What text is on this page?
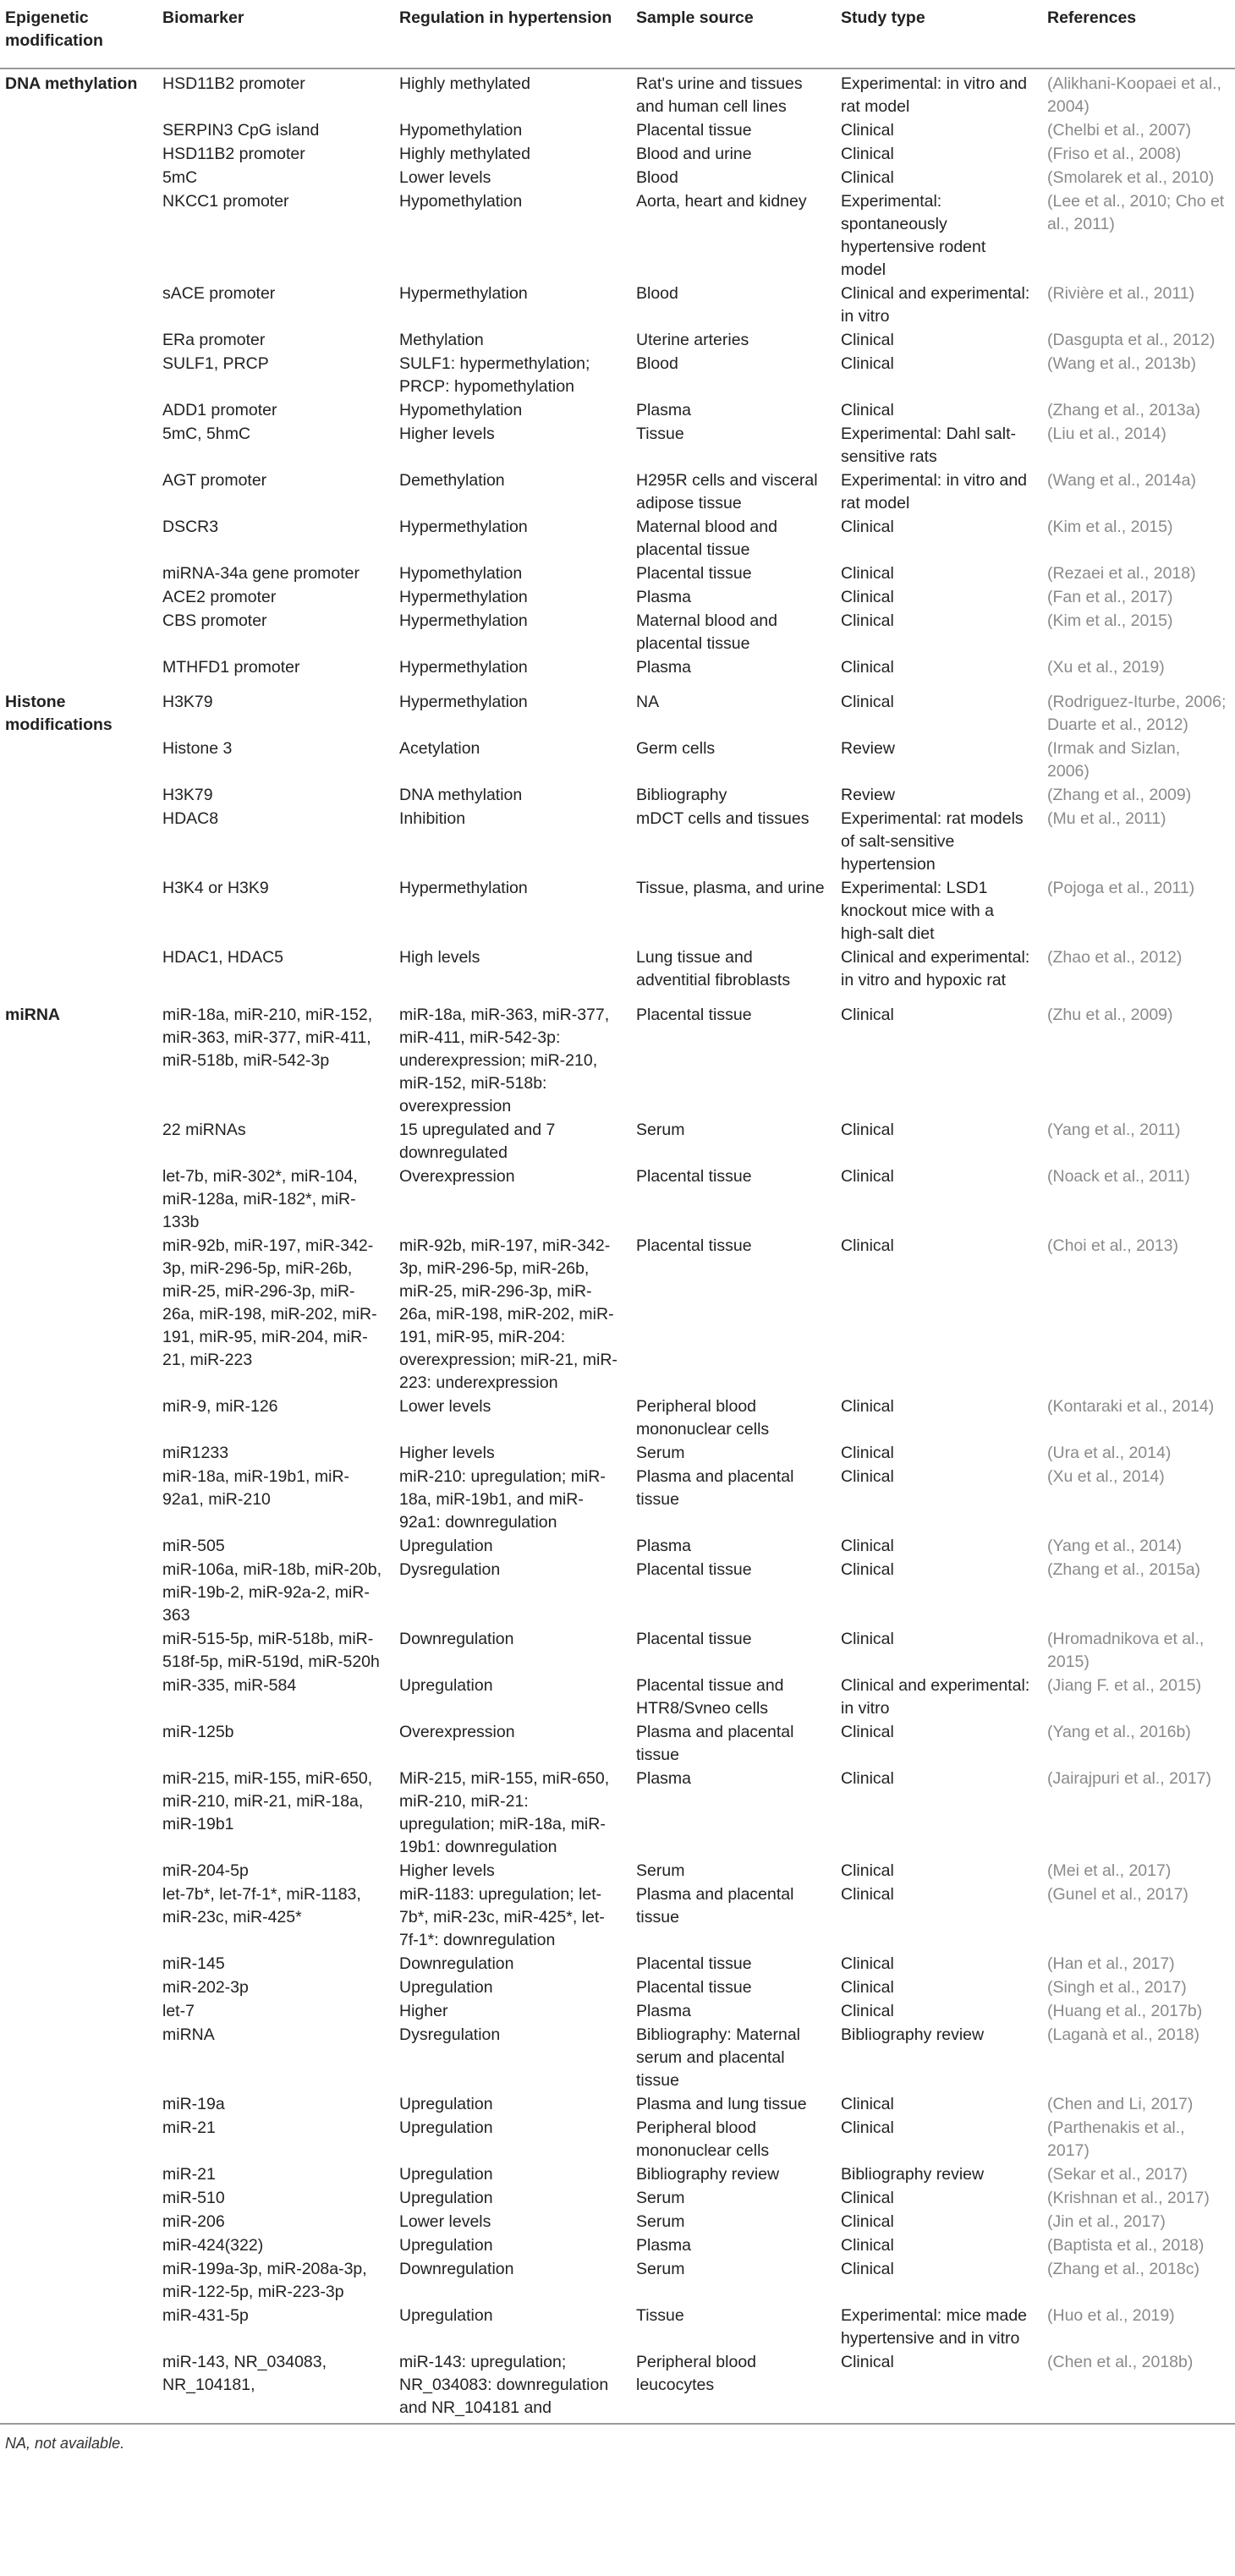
Epigenetic modification	Biomarker	Regulation in hypertension	Sample source	Study type	References
DNA methylation	HSD11B2 promoter	Highly methylated	Rat's urine and tissues and human cell lines	Experimental: in vitro and rat model	(Alikhani-Koopaei et al., 2004)
	SERPIN3 CpG island	Hypomethylation	Placental tissue	Clinical	(Chelbi et al., 2007)
	HSD11B2 promoter	Highly methylated	Blood and urine	Clinical	(Friso et al., 2008)
	5mC	Lower levels	Blood	Clinical	(Smolarek et al., 2010)
	NKCC1 promoter	Hypomethylation	Aorta, heart and kidney	Experimental: spontaneously hypertensive rodent model	(Lee et al., 2010; Cho et al., 2011)
	sACE promoter	Hypermethylation	Blood	Clinical and experimental: in vitro	(Rivière et al., 2011)
	ERa promoter	Methylation	Uterine arteries	Clinical	(Dasgupta et al., 2012)
	SULF1, PRCP	SULF1: hypermethylation; PRCP: hypomethylation	Blood	Clinical	(Wang et al., 2013b)
	ADD1 promoter	Hypomethylation	Plasma	Clinical	(Zhang et al., 2013a)
	5mC, 5hmC	Higher levels	Tissue	Experimental: Dahl salt-sensitive rats	(Liu et al., 2014)
	AGT promoter	Demethylation	H295R cells and visceral adipose tissue	Experimental: in vitro and rat model	(Wang et al., 2014a)
	DSCR3	Hypermethylation	Maternal blood and placental tissue	Clinical	(Kim et al., 2015)
	miRNA-34a gene promoter	Hypomethylation	Placental tissue	Clinical	(Rezaei et al., 2018)
	ACE2 promoter	Hypermethylation	Plasma	Clinical	(Fan et al., 2017)
	CBS promoter	Hypermethylation	Maternal blood and placental tissue	Clinical	(Kim et al., 2015)
	MTHFD1 promoter	Hypermethylation	Plasma	Clinical	(Xu et al., 2019)
Histone modifications	H3K79	Hypermethylation	NA	Clinical	(Rodriguez-Iturbe, 2006; Duarte et al., 2012)
	Histone 3	Acetylation	Germ cells	Review	(Irmak and Sizlan, 2006)
	H3K79	DNA methylation	Bibliography	Review	(Zhang et al., 2009)
	HDAC8	Inhibition	mDCT cells and tissues	Experimental: rat models of salt-sensitive hypertension	(Mu et al., 2011)
	H3K4 or H3K9	Hypermethylation	Tissue, plasma, and urine	Experimental: LSD1 knockout mice with a high-salt diet	(Pojoga et al., 2011)
	HDAC1, HDAC5	High levels	Lung tissue and adventitial fibroblasts	Clinical and experimental: in vitro and hypoxic rat	(Zhao et al., 2012)
miRNA	miR-18a, miR-210, miR-152, miR-363, miR-377, miR-411, miR-518b, miR-542-3p	miR-18a, miR-363, miR-377, miR-411, miR-542-3p: underexpression; miR-210, miR-152, miR-518b: overexpression	Placental tissue	Clinical	(Zhu et al., 2009)
	22 miRNAs	15 upregulated and 7 downregulated	Serum	Clinical	(Yang et al., 2011)
	let-7b, miR-302*, miR-104, miR-128a, miR-182*, miR-133b	Overexpression	Placental tissue	Clinical	(Noack et al., 2011)
	miR-92b, miR-197, miR-342-3p, miR-296-5p, miR-26b, miR-25, miR-296-3p, miR-26a, miR-198, miR-202, miR-191, miR-95, miR-204, miR-21, miR-223	miR-92b, miR-197, miR-342-3p, miR-296-5p, miR-26b, miR-25, miR-296-3p, miR-26a, miR-198, miR-202, miR-191, miR-95, miR-204: overexpression; miR-21, miR-223: underexpression	Placental tissue	Clinical	(Choi et al., 2013)
	miR-9, miR-126	Lower levels	Peripheral blood mononuclear cells	Clinical	(Kontaraki et al., 2014)
	miR1233	Higher levels	Serum	Clinical	(Ura et al., 2014)
	miR-18a, miR-19b1, miR-92a1, miR-210	miR-210: upregulation; miR-18a, miR-19b1, and miR-92a1: downregulation	Plasma and placental tissue	Clinical	(Xu et al., 2014)
	miR-505	Upregulation	Plasma	Clinical	(Yang et al., 2014)
	miR-106a, miR-18b, miR-20b, miR-19b-2, miR-92a-2, miR-363	Dysregulation	Placental tissue	Clinical	(Zhang et al., 2015a)
	miR-515-5p, miR-518b, miR-518f-5p, miR-519d, miR-520h	Downregulation	Placental tissue	Clinical	(Hromadnikova et al., 2015)
	miR-335, miR-584	Upregulation	Placental tissue and HTR8/Svneo cells	Clinical and experimental: in vitro	(Jiang F. et al., 2015)
	miR-125b	Overexpression	Plasma and placental tissue	Clinical	(Yang et al., 2016b)
	miR-215, miR-155, miR-650, miR-210, miR-21, miR-18a, miR-19b1	MiR-215, miR-155, miR-650, miR-210, miR-21: upregulation; miR-18a, miR-19b1: downregulation	Plasma	Clinical	(Jairajpuri et al., 2017)
	miR-204-5p	Higher levels	Serum	Clinical	(Mei et al., 2017)
	let-7b*, let-7f-1*, miR-1183, miR-23c, miR-425*	miR-1183: upregulation; let-7b*, miR-23c, miR-425*, let-7f-1*: downregulation	Plasma and placental tissue	Clinical	(Gunel et al., 2017)
	miR-145	Downregulation	Placental tissue	Clinical	(Han et al., 2017)
	miR-202-3p	Upregulation	Placental tissue	Clinical	(Singh et al., 2017)
	let-7	Higher	Plasma	Clinical	(Huang et al., 2017b)
	miRNA	Dysregulation	Bibliography: Maternal serum and placental tissue	Bibliography review	(Laganà et al., 2018)
	miR-19a	Upregulation	Plasma and lung tissue	Clinical	(Chen and Li, 2017)
	miR-21	Upregulation	Peripheral blood mononuclear cells	Clinical	(Parthenakis et al., 2017)
	miR-21	Upregulation	Bibliography review	Bibliography review	(Sekar et al., 2017)
	miR-510	Upregulation	Serum	Clinical	(Krishnan et al., 2017)
	miR-206	Lower levels	Serum	Clinical	(Jin et al., 2017)
	miR-424(322)	Upregulation	Plasma	Clinical	(Baptista et al., 2018)
	miR-199a-3p, miR-208a-3p, miR-122-5p, miR-223-3p	Downregulation	Serum	Clinical	(Zhang et al., 2018c)
	miR-431-5p	Upregulation	Tissue	Experimental: mice made hypertensive and in vitro	(Huo et al., 2019)
	miR-143, NR_034083, NR_104181,	miR-143: upregulation; NR_034083: downregulation and NR_104181 and	Peripheral blood leucocytes	Clinical	(Chen et al., 2018b)
NA, not available.
